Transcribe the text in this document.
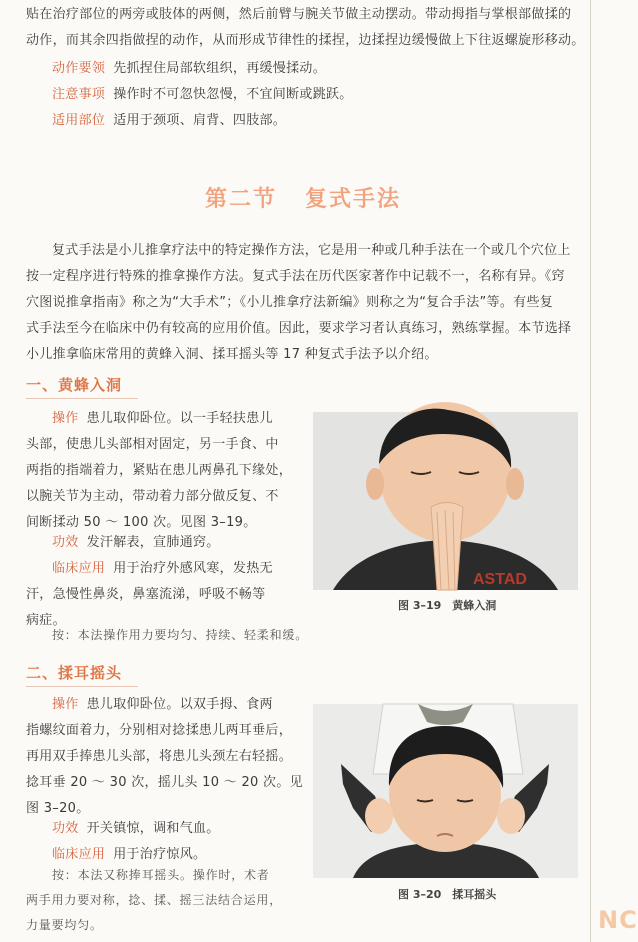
贴在治疗部位的两旁或肢体的两侧，然后前臂与腕关节做主动摆动。带动拇指与掌根部做揉的
动作，而其余四指做捏的动作，从而形成节律性的揉捏，边揉捏边缓慢做上下往返螺旋形移动。
动作要领 先抓捏住局部软组织，再缓慢揉动。
注意事项 操作时不可忽快忽慢，不宜间断或跳跃。
适用部位 适用于颈项、肩背、四肢部。
第二节 复式手法
复式手法是小儿推拿疗法中的特定操作方法，它是用一种或几种手法在一个或几个穴位上
按一定程序进行特殊的推拿操作方法。复式手法在历代医家著作中记载不一，名称有异。《窍
穴图说推拿指南》称之为“大手术”；《小儿推拿疗法新编》则称之为“复合手法”等。有些复
式手法至今在临床中仍有较高的应用价值。因此，要求学习者认真练习，熟练掌握。本节选择
小儿推拿临床常用的黄蜂入洞、揉耳摇头等 17 种复式手法予以介绍。
一、黄蜂入洞
操作 患儿取仰卧位。以一手轻扶患儿
头部，使患儿头部相对固定，另一手食、中
两指的指端着力，紧贴在患儿两鼻孔下缘处，
以腕关节为主动，带动着力部分做反复、不
间断揉动 50 ～ 100 次。见图 3–19。
功效 发汗解表，宣肺通窍。
临床应用 用于治疗外感风寒，发热无
汗，急慢性鼻炎，鼻塞流涕，呼吸不畅等
病症。
按：本法操作用力要均匀、持续、轻柔和缓。
ASTAD
图 3–19　黄蜂入洞
二、揉耳摇头
操作 患儿取仰卧位。以双手拇、食两
指螺纹面着力，分别相对捻揉患儿两耳垂后，
再用双手捧患儿头部，将患儿头颈左右轻摇。
捻耳垂 20 ～ 30 次，摇儿头 10 ～ 20 次。见
图 3–20。
功效 开关镇惊，调和气血。
临床应用 用于治疗惊风。
按：本法又称捧耳摇头。操作时，术者
两手用力要对称，捻、揉、摇三法结合运用，
力量要均匀。
图 3–20　揉耳摇头
NC
